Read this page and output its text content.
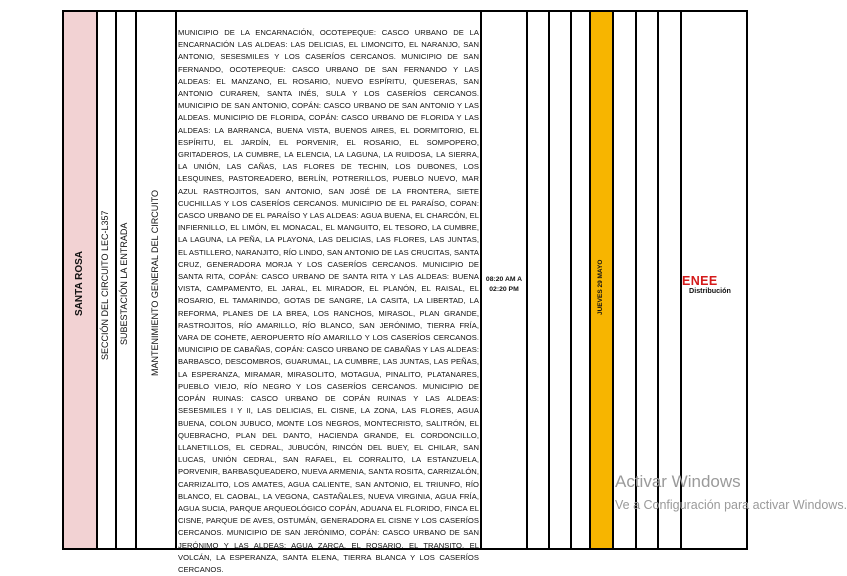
SANTA ROSA SECCIÓN DEL CIRCUITO LEC-L357 SUBESTACIÓN LA ENTRADA MANTENIMIENTO GENERAL DEL CIRCUITO	JUEVES 29 MAYO
MUNICIPIO DE LA ENCARNACIÓN, OCOTEPEQUE: CASCO URBANO DE LA ENCARNACIÓN LAS ALDEAS: LAS DELICIAS, EL LIMONCITO, EL NARANJO, SAN ANTONIO, SESESMILES Y LOS CASERÍOS CERCANOS. MUNICIPIO DE SAN FERNANDO, OCOTEPEQUE: CASCO URBANO DE SAN FERNANDO Y LAS ALDEAS: EL MANZANO, EL ROSARIO, NUEVO ESPÍRITU, QUESERAS, SAN ANTONIO CURAREN, SANTA INÉS, SULA Y LOS CASERÍOS CERCANOS. MUNICIPIO DE SAN ANTONIO, COPÁN: CASCO URBANO DE SAN ANTONIO Y LAS ALDEAS. MUNICIPIO DE FLORIDA, COPÁN: CASCO URBANO DE FLORIDA Y LAS ALDEAS: LA BARRANCA, BUENA VISTA, BUENOS AIRES, EL DORMITORIO, EL ESPÍRITU, EL JARDÍN, EL PORVENIR, EL ROSARIO, EL SOMPOPERO, GRITADEROS, LA CUMBRE, LA ELENCIA, LA LAGUNA, LA RUIDOSA, LA SIERRA, LA UNIÓN, LAS CAÑAS, LAS FLORES DE TECHIN, LOS DUBONES, LOS LESQUINES, PASTOREADERO, BERLÍN, POTRERILLOS, PUEBLO NUEVO, MAR AZUL RASTROJITOS, SAN ANTONIO, SAN JOSÉ DE LA FRONTERA, SIETE CUCHILLAS Y LOS CASERÍOS CERCANOS. MUNICIPIO DE EL PARAÍSO, COPAN: CASCO URBANO DE EL PARAÍSO Y LAS ALDEAS: AGUA BUENA, EL CHARCÓN, EL INFIERNILLO, EL LIMÓN, EL MONACAL, EL MANGUITO, EL TESORO, LA CUMBRE, LA LAGUNA, LA PEÑA, LA PLAYONA, LAS DELICIAS, LAS FLORES, LAS JUNTAS, EL ASTILLERO, NARANJITO, RÍO LINDO, SAN ANTONIO DE LAS CRUCITAS, SANTA CRUZ, GENERADORA MORJA Y LOS CASERÍOS CERCANOS. MUNICIPIO DE SANTA RITA, COPÁN: CASCO URBANO DE SANTA RITA Y LAS ALDEAS: BUENA VISTA, CAMPAMENTO, EL JARAL, EL MIRADOR, EL PLANÓN, EL RAISAL, EL ROSARIO, EL TAMARINDO, GOTAS DE SANGRE, LA CASITA, LA LIBERTAD, LA REFORMA, PLANES DE LA BREA, LOS RANCHOS, MIRASOL, PLAN GRANDE, RASTROJITOS, RÍO AMARILLO, RÍO BLANCO, SAN JERÓNIMO, TIERRA FRÍA, VARA DE COHETE, AEROPUERTO RÍO AMARILLO Y LOS CASERÍOS CERCANOS. MUNICIPIO DE CABAÑAS, COPÁN: CASCO URBANO DE CABAÑAS Y LAS ALDEAS: BARBASCO, DESCOMBROS, GUARUMAL, LA CUMBRE, LAS JUNTAS, LAS PEÑAS, LA ESPERANZA, MIRAMAR, MIRASOLITO, MOTAGUA, PINALITO, PLATANARES, PUEBLO VIEJO, RÍO NEGRO Y LOS CASERÍOS CERCANOS. MUNICIPIO DE COPÁN RUINAS: CASCO URBANO DE COPÁN RUINAS Y LAS ALDEAS: SESESMILES I Y II, LAS DELICIAS, EL CISNE, LA ZONA, LAS FLORES, AGUA BUENA, COLON JUBUCO, MONTE LOS NEGROS, MONTECRISTO, SALITRÓN, EL QUEBRACHO, PLAN DEL DANTO, HACIENDA GRANDE, EL CORDONCILLO, LLANETILLOS, EL CEDRAL, JUBUCÓN, RINCÓN DEL BUEY, EL CHILAR, SAN LUCAS, UNIÓN CEDRAL, SAN RAFAEL, EL CORRALITO, LA ESTANZUELA, PORVENIR, BARBASQUEADERO, NUEVA ARMENIA, SANTA ROSITA, CARRIZALÓN, CARRIZALITO, LOS AMATES, AGUA CALIENTE, SAN ANTONIO, EL TRIUNFO, RÍO BLANCO, EL CAOBAL, LA VEGONA, CASTAÑALES, NUEVA VIRGINIA, AGUA FRÍA, AGUA SUCIA, PARQUE ARQUEOLÓGICO COPÁN, ADUANA EL FLORIDO, FINCA EL CISNE, PARQUE DE AVES, OSTUMÁN, GENERADORA EL CISNE Y LOS CASERÍOS CERCANOS. MUNICIPIO DE SAN JERÓNIMO, COPÁN: CASCO URBANO DE SAN JERÓNIMO Y LAS ALDEAS: AGUA ZARCA, EL ROSARIO, EL TRANSITO, EL VOLCÁN, LA ESPERANZA, SANTA ELENA, TIERRA BLANCA Y LOS CASERÍOS CERCANOS.
08:20 AM A
02:20 PM
ENEE
Distribución
Activar Windows
Ve a Configuración para activar Windows.
